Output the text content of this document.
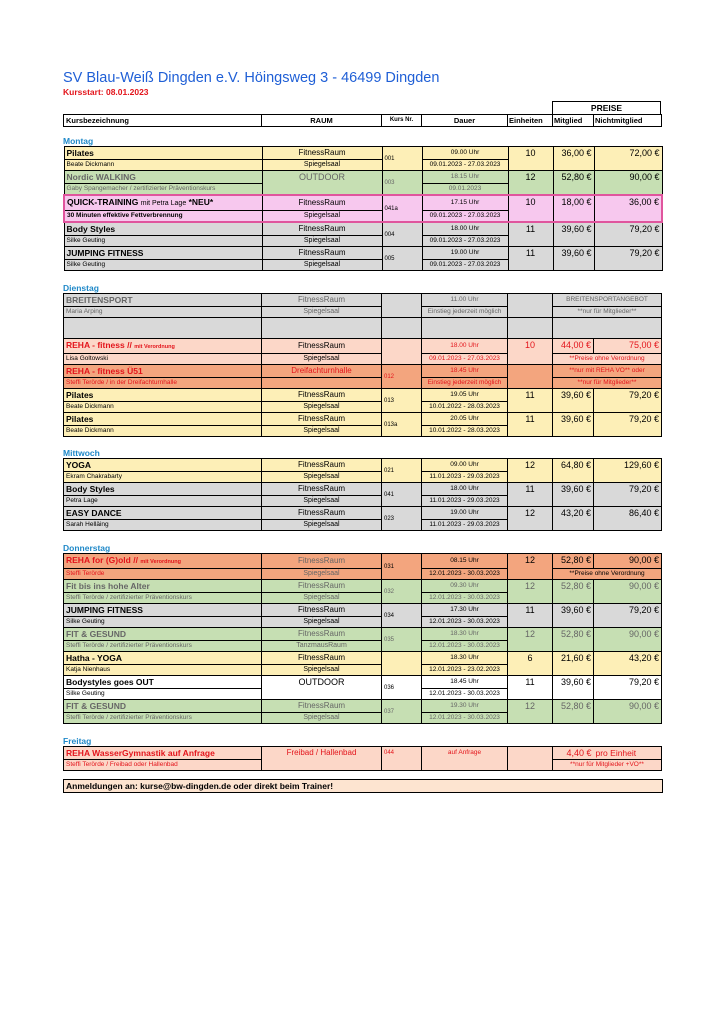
SV Blau-Weiß Dingden e.V. Höingsweg 3 - 46499 Dingden
Kursstart: 08.01.2023
PREISE
Kursbezeichnung	RAUM	Kurs Nr.	Dauer	Einheiten	Mitglied	Nichtmitglied
Montag
Pilates	FitnessRaum	001	09.00 Uhr	10	36,00 €	72,00 €
Beate Dickmann	Spiegelsaal		09.01.2023 - 27.03.2023			
Nordic WALKING	OUTDOOR	003	18.15 Uhr	12	52,80 €	90,00 €
Gaby Spangemacher / zertifizierter Präventionskurs			09.01.2023			
QUICK-TRAINING mit Petra Lage *NEU*	FitnessRaum	041a	17.15 Uhr	10	18,00 €	36,00 €
30 Minuten effektive Fettverbrennung	Spiegelsaal		09.01.2023 - 27.03.2023			
Body Styles	FitnessRaum	004	18.00 Uhr	11	39,60 €	79,20 €
Silke Geuting	Spiegelsaal		09.01.2023 - 27.03.2023			
JUMPING FITNESS	FitnessRaum	005	19.00 Uhr	11	39,60 €	79,20 €
Silke Geuting	Spiegelsaal		09.01.2023 - 27.03.2023			
Dienstag
BREITENSPORT	FitnessRaum		11.00 Uhr		BREITENSPORTANGEBOT	
Maria Arping	Spiegelsaal		Einstieg jederzeit möglich		**nur für Mitglieder**	

REHA - fitness // mit Verordnung	FitnessRaum		18.00 Uhr	10	44,00 €	75,00 €
Lisa Goltowski	Spiegelsaal		09.01.2023 - 27.03.2023		**Preise ohne Verordnung	
REHA - fitness Ü51	Dreifachturnhalle	012	18.45 Uhr		**nur mit REHA VO** oder	
Steffi Terörde / in der Dreifachturnhalle			Einstieg jederzeit möglich		**nur für Mitglieder**	
Pilates	FitnessRaum	013	19.05 Uhr	11	39,60 €	79,20 €
Beate Dickmann	Spiegelsaal		10.01.2022 - 28.03.2023			
Pilates	FitnessRaum	013a	20.05 Uhr	11	39,60 €	79,20 €
Beate Dickmann	Spiegelsaal		10.01.2022 - 28.03.2023			
Mittwoch
YOGA	FitnessRaum	021	09.00 Uhr	12	64,80 €	129,60 €
Ekram Chakrabarty	Spiegelsaal		11.01.2023 - 29.03.2023			
Body Styles	FitnessRaum	041	18.00 Uhr	11	39,60 €	79,20 €
Petra Lage	Spiegelsaal		11.01.2023 - 29.03.2023			
EASY DANCE	FitnessRaum	023	19.00 Uhr	12	43,20 €	86,40 €
Sarah Helläing	Spiegelsaal		11.01.2023 - 29.03.2023			
Donnerstag
REHA for (G)old // mit Verordnung	FitnessRaum	031	08.15 Uhr	12	52,80 €	90,00 €
Steffi Terörde	Spiegelsaal		12.01.2023 - 30.03.2023		**Preise ohne Verordnung	
Fit bis ins hohe Alter	FitnessRaum	032	09.30 Uhr	12	52,80 €	90,00 €
Steffi Terörde / zertifizierter Präventionskurs	Spiegelsaal		12.01.2023 - 30.03.2023			
JUMPING FITNESS	FitnessRaum	034	17.30 Uhr	11	39,60 €	79,20 €
Silke Geuting	Spiegelsaal		12.01.2023 - 30.03.2023			
FIT & GESUND	FitnessRaum	035	18.30 Uhr	12	52,80 €	90,00 €
Steffi Terörde / zertifizierter Präventionskurs	TanzmausRaum		12.01.2023 - 30.03.2023			
Hatha - YOGA	FitnessRaum		18.30 Uhr	6	21,60 €	43,20 €
Katja Nienhaus	Spiegelsaal		12.01.2023 - 23.02.2023			
Bodystyles goes OUT	OUTDOOR	036	18.45 Uhr	11	39,60 €	79,20 €
Silke Geuting			12.01.2023 - 30.03.2023			
FIT & GESUND	FitnessRaum	037	19.30 Uhr	12	52,80 €	90,00 €
Steffi Terörde / zertifizierter Präventionskurs	Spiegelsaal		12.01.2023 - 30.03.2023			
Freitag
REHA WasserGymnastik auf Anfrage	Freibad / Hallenbad	044	auf Anfrage		4,40 €	pro Einheit
Steffi Terörde / Freibad oder Hallenbad					**nur für Mitglieder +VO**	
Anmeldungen an: kurse@bw-dingden.de oder direkt beim Trainer!
